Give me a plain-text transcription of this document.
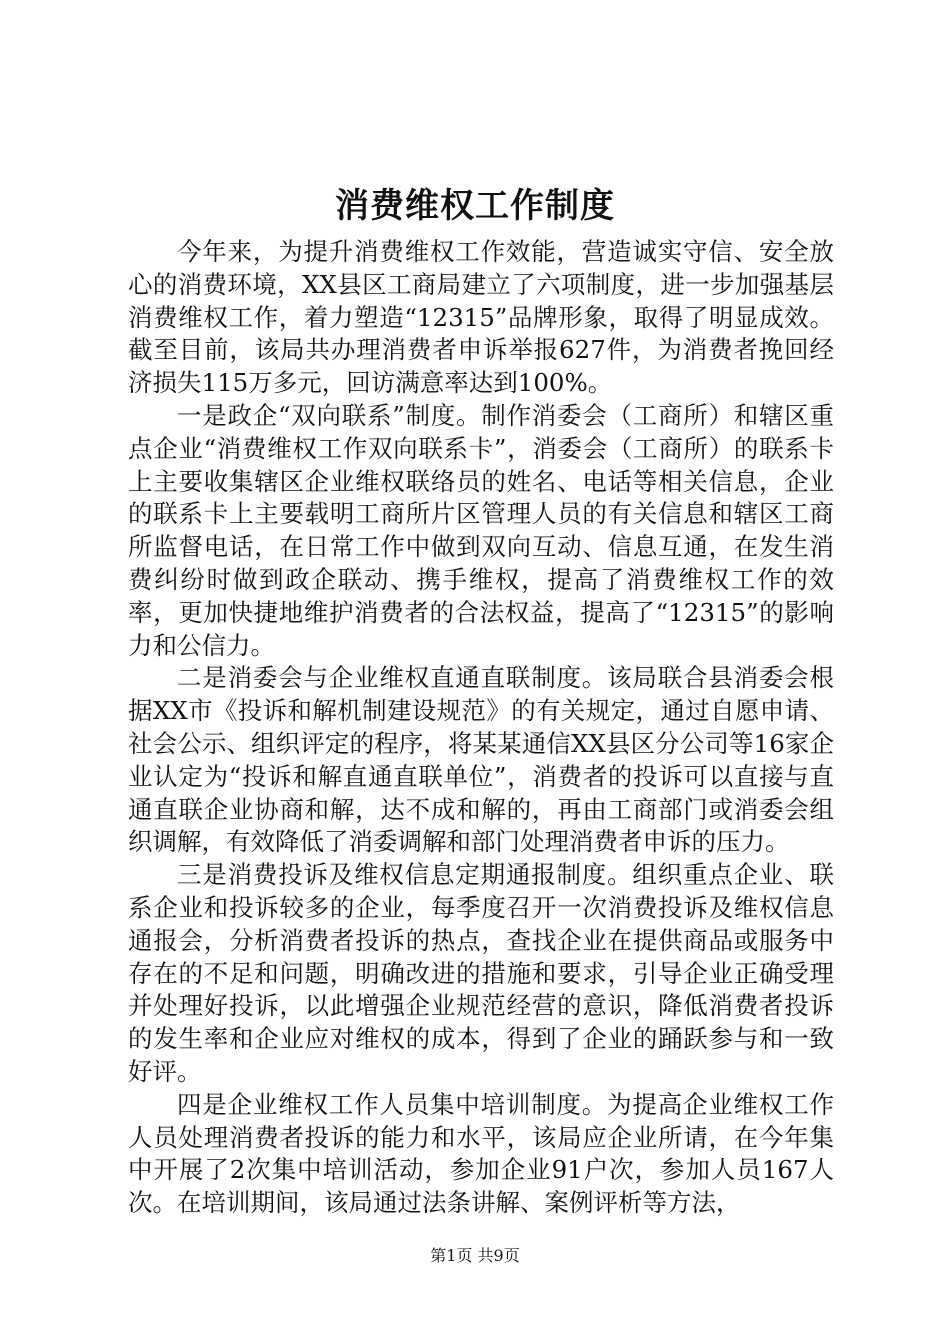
消费维权工作制度

今年来，为提升消费维权工作效能，营造诚实守信、安全放心的消费环境，XX县区工商局建立了六项制度，进一步加强基层消费维权工作，着力塑造“12315”品牌形象，取得了明显成效。截至目前，该局共办理消费者申诉举报627件，为消费者挽回经济损失115万多元，回访满意率达到100%。

一是政企“双向联系”制度。制作消委会（工商所）和辖区重点企业“消费维权工作双向联系卡”，消委会（工商所）的联系卡上主要收集辖区企业维权联络员的姓名、电话等相关信息，企业的联系卡上主要载明工商所片区管理人员的有关信息和辖区工商所监督电话，在日常工作中做到双向互动、信息互通，在发生消费纠纷时做到政企联动、携手维权，提高了消费维权工作的效率，更加快捷地维护消费者的合法权益，提高了“12315”的影响力和公信力。

二是消委会与企业维权直通直联制度。该局联合县消委会根据XX市《投诉和解机制建设规范》的有关规定，通过自愿申请、社会公示、组织评定的程序，将某某通信XX县区分公司等16家企业认定为“投诉和解直通直联单位”，消费者的投诉可以直接与直通直联企业协商和解，达不成和解的，再由工商部门或消委会组织调解，有效降低了消委调解和部门处理消费者申诉的压力。

三是消费投诉及维权信息定期通报制度。组织重点企业、联系企业和投诉较多的企业，每季度召开一次消费投诉及维权信息通报会，分析消费者投诉的热点，查找企业在提供商品或服务中存在的不足和问题，明确改进的措施和要求，引导企业正确受理并处理好投诉，以此增强企业规范经营的意识，降低消费者投诉的发生率和企业应对维权的成本，得到了企业的踊跃参与和一致好评。

四是企业维权工作人员集中培训制度。为提高企业维权工作人员处理消费者投诉的能力和水平，该局应企业所请，在今年集中开展了2次集中培训活动，参加企业91户次，参加人员167人次。在培训期间，该局通过法条讲解、案例评析等方法，

第1页 共9页
